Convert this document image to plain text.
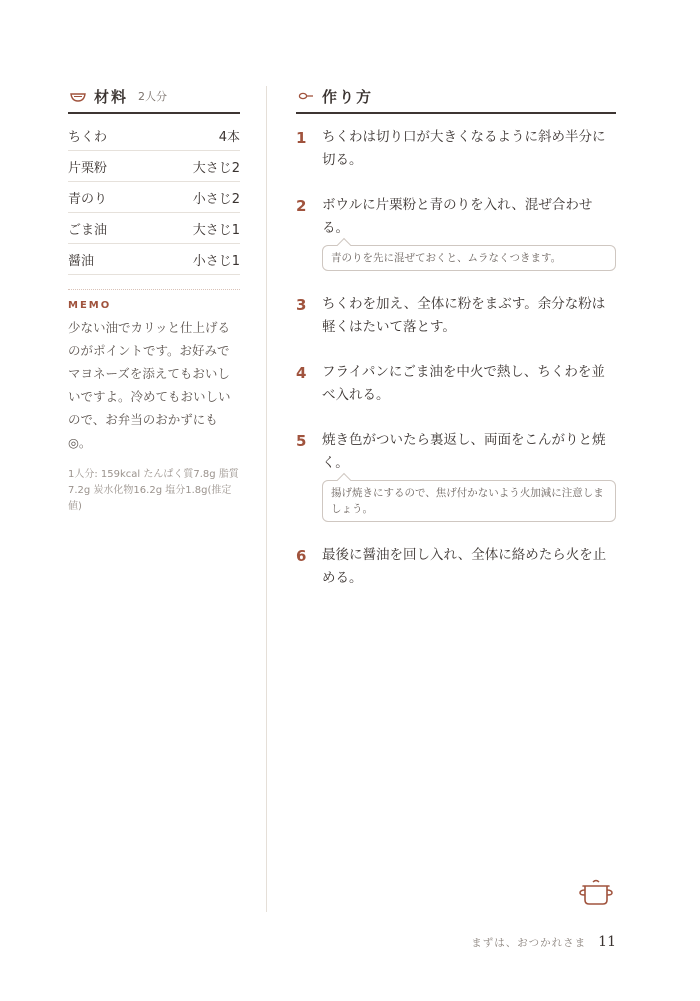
材料 2人分
ちくわ	4本
片栗粉	大さじ2
青のり	小さじ2
ごま油	大さじ1
醤油	小さじ1
MEMO
少ない油でカリッと仕上げるのがポイントです。お好みでマヨネーズを添えてもおいしいですよ。冷めてもおいしいので、お弁当のおかずにも◎。
1人分: 159kcal たんぱく質7.8g 脂質7.2g 炭水化物16.2g 塩分1.8g(推定値)
作り方
1	ちくわは切り口が大きくなるように斜め半分に切る。
2	ボウルに片栗粉と青のりを入れ、混ぜ合わせる。
青のりを先に混ぜておくと、ムラなくつきます。
3	ちくわを加え、全体に粉をまぶす。余分な粉は軽くはたいて落とす。
4	フライパンにごま油を中火で熱し、ちくわを並べ入れる。
5	焼き色がついたら裏返し、両面をこんがりと焼く。
揚げ焼きにするので、焦げ付かないよう火加減に注意しましょう。
6	最後に醤油を回し入れ、全体に絡めたら火を止める。
まずは、おつかれさま 11
